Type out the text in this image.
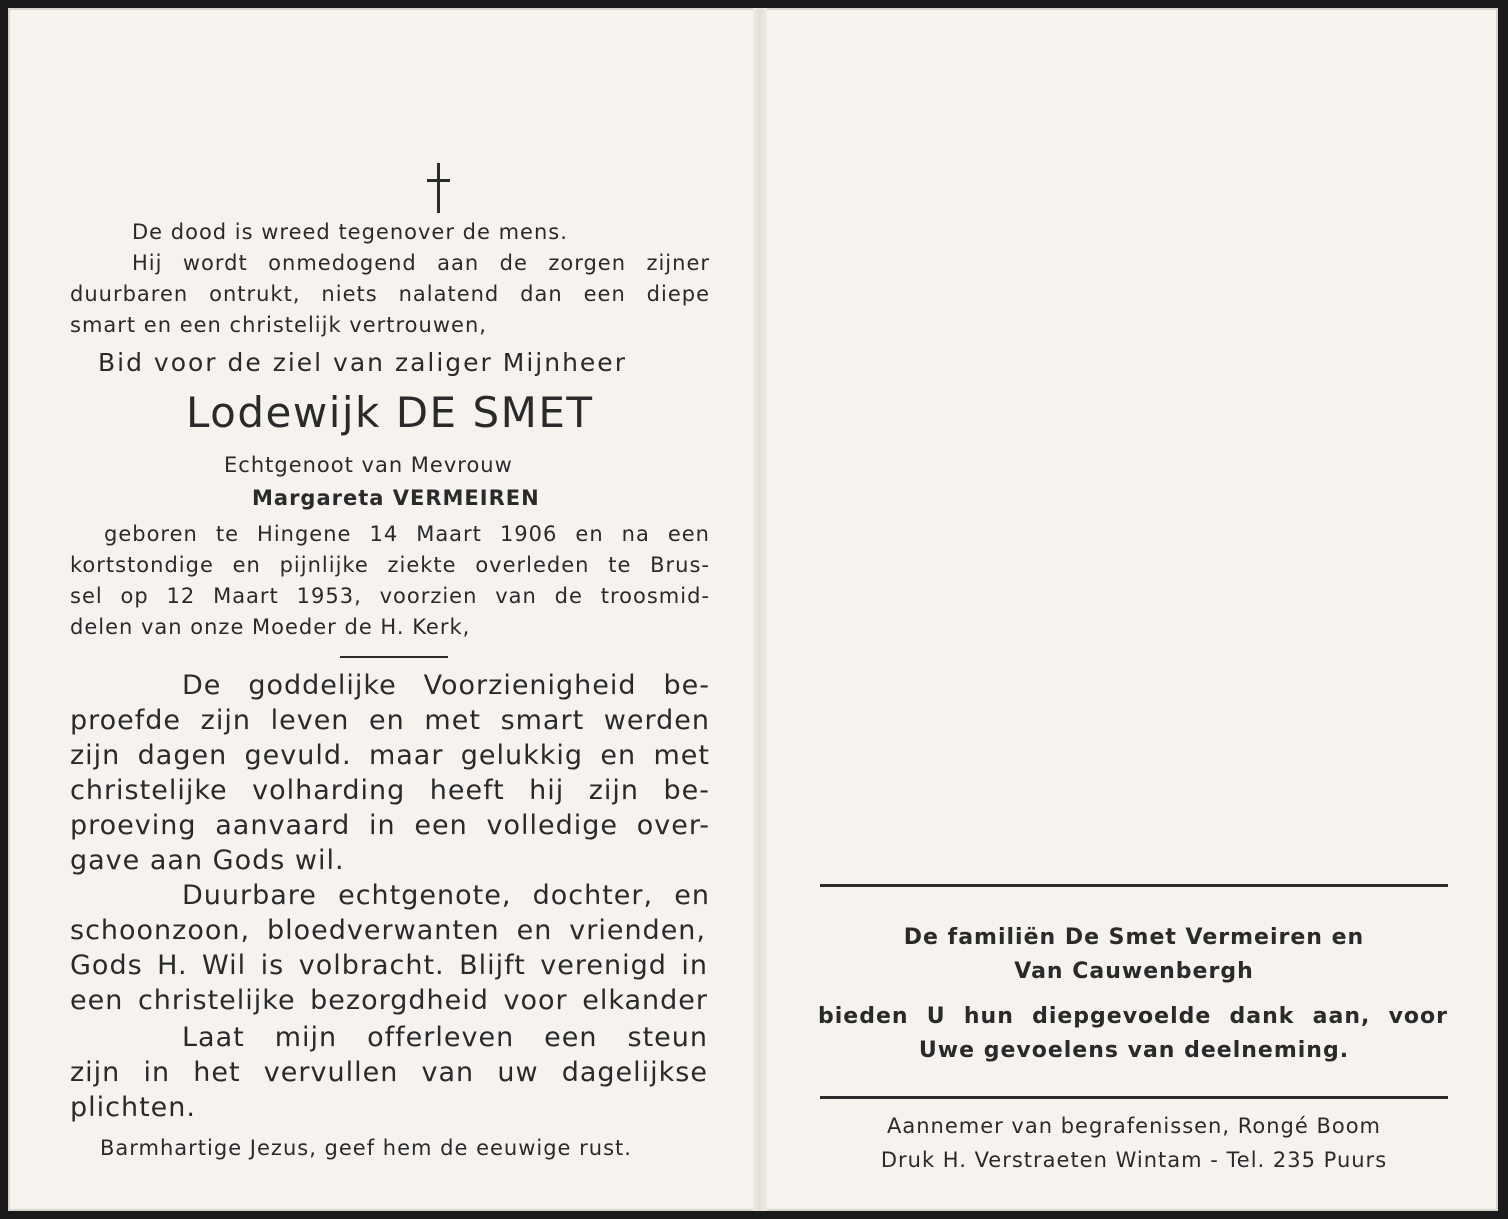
De dood is wreed tegenover de mens.
Hij wordt onmedogend aan de zorgen zijner
duurbaren ontrukt, niets nalatend dan een diepe
smart en een christelijk vertrouwen,
Bid voor de ziel van zaliger Mijnheer
Lodewijk DE SMET
Echtgenoot van Mevrouw
Margareta VERMEIREN
geboren te Hingene 14 Maart 1906 en na een
kortstondige en pijnlijke ziekte overleden te Brus-
sel op 12 Maart 1953, voorzien van de troosmid-
delen van onze Moeder de H. Kerk,
De goddelijke Voorzienigheid be-
proefde zijn leven en met smart werden
zijn dagen gevuld. maar gelukkig en met
christelijke volharding heeft hij zijn be-
proeving aanvaard in een volledige over-
gave aan Gods wil.
Duurbare echtgenote, dochter, en
schoonzoon, bloedverwanten en vrienden,
Gods H. Wil is volbracht. Blijft verenigd in
een christelijke bezorgdheid voor elkander
Laat mijn offerleven een steun
zijn in het vervullen van uw dagelijkse
plichten.
Barmhartige Jezus, geef hem de eeuwige rust.
De familiën De Smet Vermeiren en
Van Cauwenbergh
bieden U hun diepgevoelde dank aan, voor
Uwe gevoelens van deelneming.
Aannemer van begrafenissen, Rongé Boom
Druk H. Verstraeten Wintam - Tel. 235 Puurs
